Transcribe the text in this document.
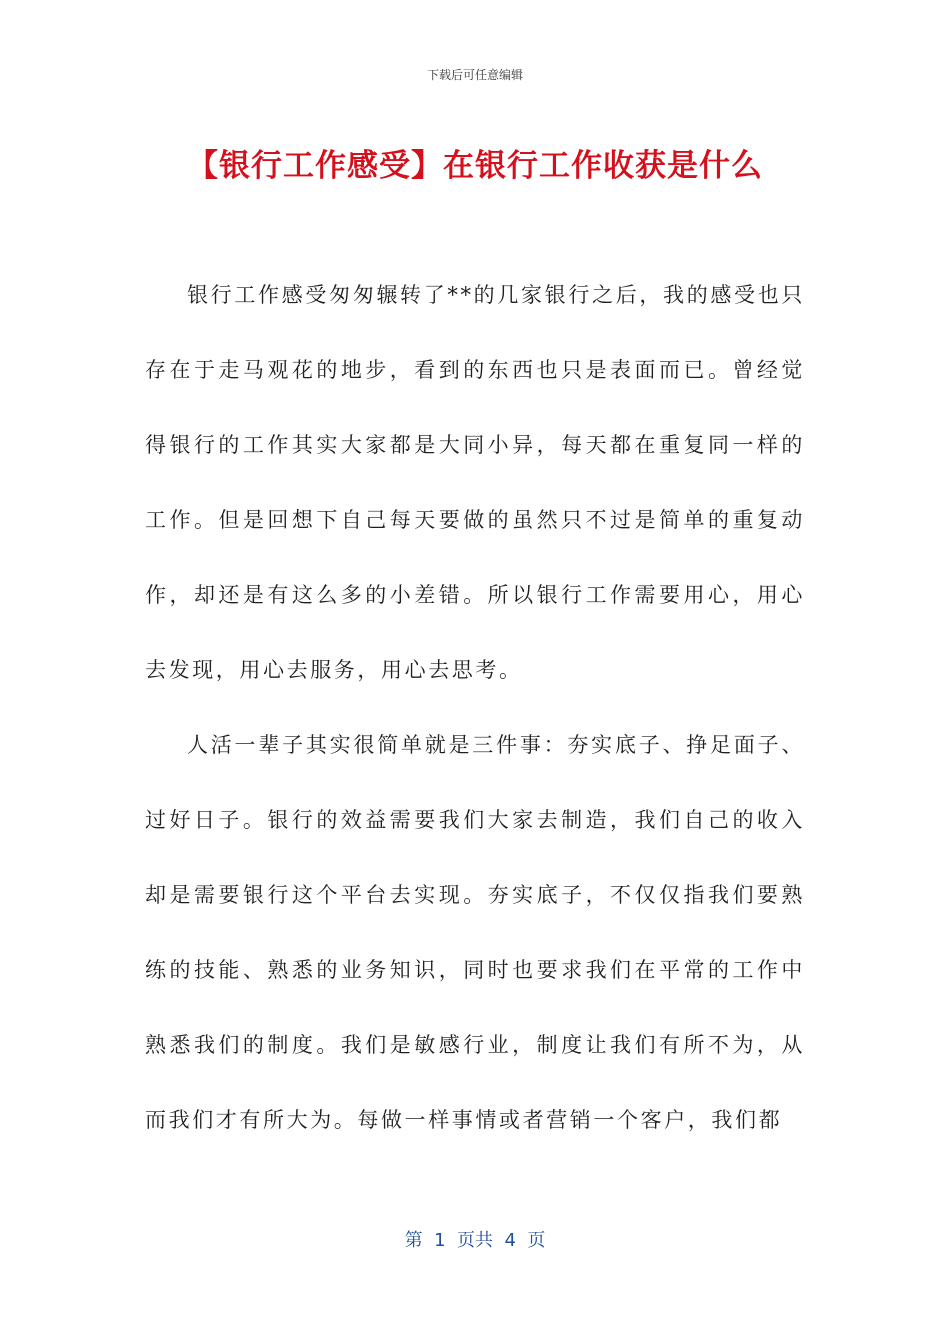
下载后可任意编辑
【银行工作感受】在银行工作收获是什么

银行工作感受匆匆辗转了**的几家银行之后，我的感受也只存在于走马观花的地步，看到的东西也只是表面而已。曾经觉得银行的工作其实大家都是大同小异，每天都在重复同一样的工作。但是回想下自己每天要做的虽然只不过是简单的重复动作，却还是有这么多的小差错。所以银行工作需要用心，用心去发现，用心去服务，用心去思考。

人活一辈子其实很简单就是三件事：夯实底子、挣足面子、过好日子。银行的效益需要我们大家去制造，我们自己的收入却是需要银行这个平台去实现。夯实底子，不仅仅指我们要熟练的技能、熟悉的业务知识，同时也要求我们在平常的工作中熟悉我们的制度。我们是敏感行业，制度让我们有所不为，从而我们才有所大为。每做一样事情或者营销一个客户，我们都

第  1  页共  4  页
